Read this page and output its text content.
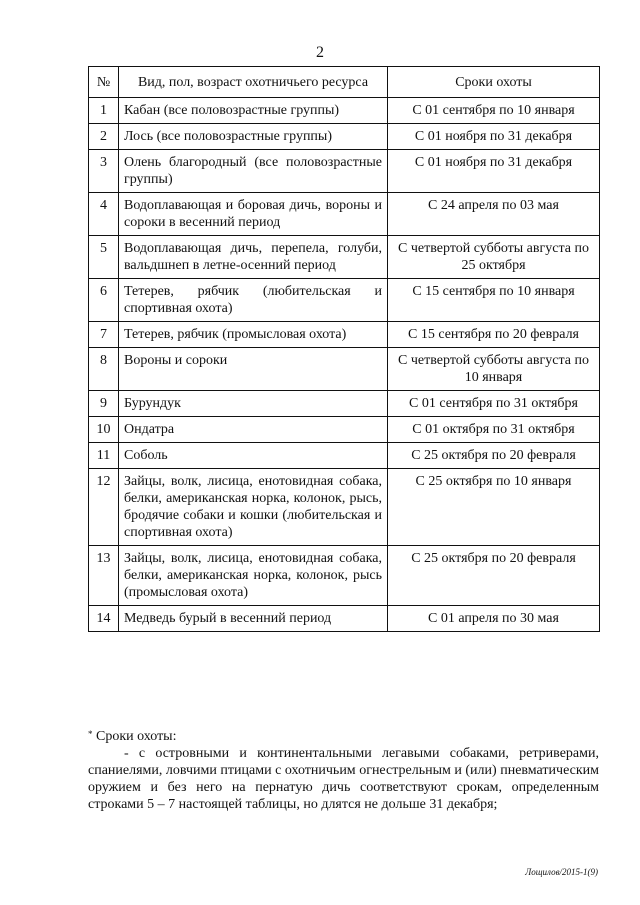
2
№	Вид, пол, возраст охотничьего ресурса	Сроки охоты
1	Кабан (все половозрастные группы)	С 01 сентября по 10 января
2	Лось (все половозрастные группы)	С 01 ноября по 31 декабря
3	Олень благородный (все половозрастные группы)	С 01 ноября по 31 декабря
4	Водоплавающая и боровая дичь, вороны и сороки в весенний период	С 24 апреля по 03 мая
5	Водоплавающая дичь, перепела, голуби, вальдшнеп в летне-осенний период	С четвертой субботы августа по 25 октября
6	Тетерев, рябчик (любительская и спортивная охота)	С 15 сентября по 10 января
7	Тетерев, рябчик (промысловая охота)	С 15 сентября по 20 февраля
8	Вороны и сороки	С четвертой субботы августа по 10 января
9	Бурундук	С 01 сентября по 31 октября
10	Ондатра	С 01 октября по 31 октября
11	Соболь	С 25 октября по 20 февраля
12	Зайцы, волк, лисица, енотовидная собака, белки, американская норка, колонок, рысь, бродячие собаки и кошки (любительская и спортивная охота)	С 25 октября по 10 января
13	Зайцы, волк, лисица, енотовидная собака, белки, американская норка, колонок, рысь (промысловая охота)	С 25 октября по 20 февраля
14	Медведь бурый в весенний период	С 01 апреля по 30 мая

* Сроки охоты:

- с островными и континентальными легавыми собаками, ретриверами, спаниелями, ловчими птицами с охотничьим огнестрельным и (или) пневматическим оружием и без него на пернатую дичь соответствуют срокам, определенным строками 5 – 7 настоящей таблицы, но длятся не дольше 31 декабря;

Лощилов/2015-1(9)
